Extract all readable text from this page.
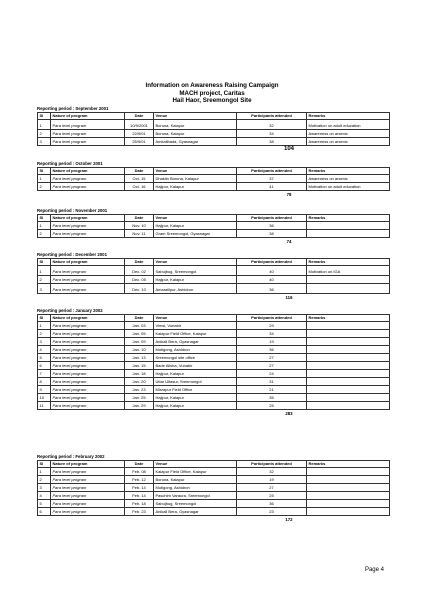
Information on Awareness Raising Campaign
MACH project, Caritas
Hail Haor, Sreemongol Site
Reporting period : September 2001
Sl	Nature of program	Date	Venue	Participants attended	Remarks
1	Para level program	10/9/2001	Boruna, Kalapur	32	Motivation on adult education
2	Para level program	22/9/01	Boruna, Kalapur	34	Awareness on arsenic
3	Para level program	25/9/01	Amkalibada, Gyasnagar	38	Awareness on arsenic
104
Reporting period : October 2001
Sl	Nature of program	Date	Venue	Participants attended	Remarks
1	Para level program	Oct. 15	Dhaklin Boruna, Kalapur	37	Awareness on arsenic
2	Para level program	Oct. 16	Hajipur, Kalapur	41	Motivation on adult education
78
Reporting period : November 2001
Sl	Nature of program	Date	Venue	Participants attended	Remarks
1	Para level program	Nov. 10	Hajipur, Kalapur	36	
2	Para level program	Nov. 11	Gram Sreemongol, Gyasnagar	38	
74
Reporting period : December 2001
Sl	Nature of program	Date	Venue	Participants attended	Remarks
1	Para level program	Dec. 02	Sabujbug, Sreemongol	40	Motivation on IGA
2	Para level program	Dec. 05	Hajipur, Kalapur	40	
3	Para level program	Dec. 10	Amaraillpur, Ashidron	36	
116
Reporting period : January 2002
Sl	Nature of program	Date	Venue	Participants attended	Remarks
1	Para level program	Jan. 03	Vimsi, Vunabir	29	
2	Para level program	Jan. 05	Kalapur Field Office, Kalapur	34	
3	Para level program	Jan. 09	Anikali Bera, Gyasnagar	19	
4	Para level program	Jan. 10	Motigong, Ashidron	36	
5	Para level program	Jan. 13	Sreemongol site office	27	
6	Para level program	Jan. 15	Bade Alisha, Vunabir	27	
7	Para level program	Jan. 18	Hajipur, Kalapur	24	
8	Para level program	Jan. 20	Uttar Ultasur, Sreemongol	31	
9	Para level program	Jan. 23	Mirzapur Field Office	21	
10	Para level program	Jan. 25	Hajipur, Kalapur	35	
11	Para level program	Jan. 29	Hajipur, Kalapur	25	
283
Reporting period : February 2002
Sl	Nature of program	Date	Venue	Participants attended	Remarks
1	Para level program	Feb. 08	Kalapur Field Office, Kalapur	32	
2	Para level program	Feb. 12	Boruna, Kalapur	19	
3	Para level program	Feb. 14	Motigong, Ashidron	27	
4	Para level program	Feb. 14	Paschim Varaura, Sreemongol	25	
5	Para level program	Feb. 18	Sabujbug, Sreemongol	36	
6	Para level program	Feb. 23	Anikali Bera, Gyasnagar	23	
172
Page 4
